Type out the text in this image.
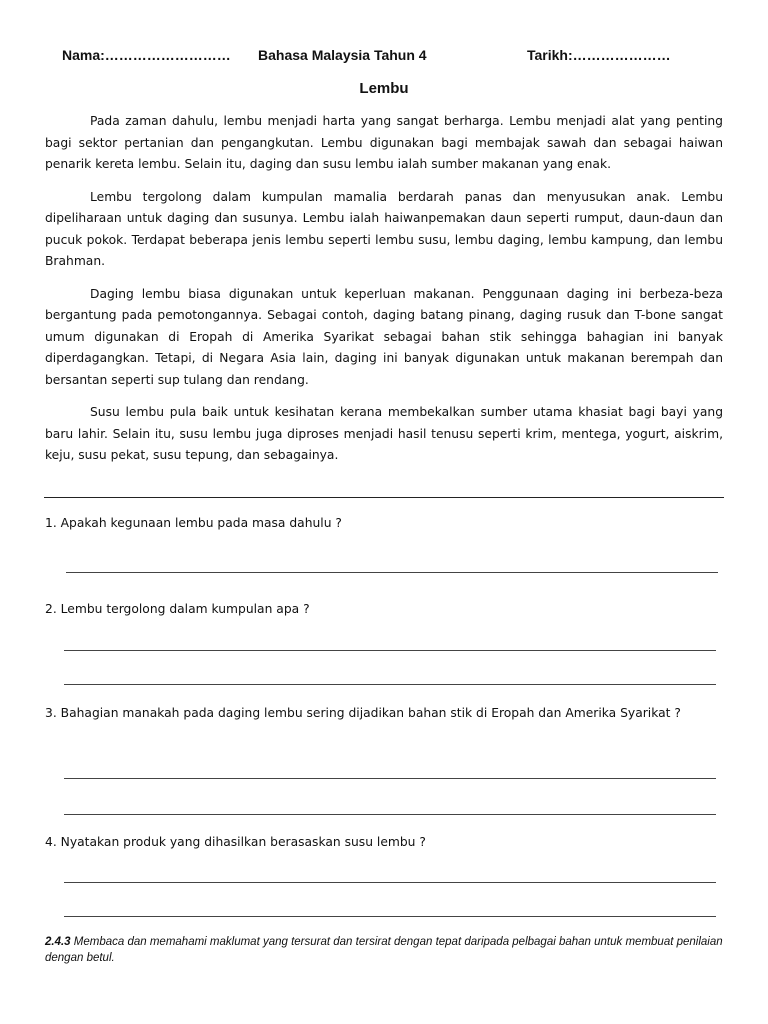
Nama:……………………… Bahasa Malaysia Tahun 4	Tarikh:…………………
Lembu

Pada zaman dahulu, lembu menjadi harta yang sangat berharga. Lembu menjadi alat yang penting bagi sektor pertanian dan pengangkutan. Lembu digunakan bagi membajak sawah dan sebagai haiwan penarik kereta lembu. Selain itu, daging dan susu lembu ialah sumber makanan yang enak.

Lembu tergolong dalam kumpulan mamalia berdarah panas dan menyusukan anak. Lembu dipeliharaan untuk daging dan susunya. Lembu ialah haiwanpemakan daun seperti rumput, daun-daun dan pucuk pokok. Terdapat beberapa jenis lembu seperti lembu susu, lembu daging, lembu kampung, dan lembu Brahman.

Daging lembu biasa digunakan untuk keperluan makanan. Penggunaan daging ini berbeza-beza bergantung pada pemotongannya. Sebagai contoh, daging batang pinang, daging rusuk dan T-bone sangat umum digunakan di Eropah di Amerika Syarikat sebagai bahan stik sehingga bahagian ini banyak diperdagangkan. Tetapi, di Negara Asia lain, daging ini banyak digunakan untuk makanan berempah dan bersantan seperti sup tulang dan rendang.

Susu lembu pula baik untuk kesihatan kerana membekalkan sumber utama khasiat bagi bayi yang baru lahir. Selain itu, susu lembu juga diproses menjadi hasil tenusu seperti krim, mentega, yogurt, aiskrim, keju, susu pekat, susu tepung, dan sebagainya.

1. Apakah kegunaan lembu pada masa dahulu ?
2. Lembu tergolong dalam kumpulan apa ?
3. Bahagian manakah pada daging lembu sering dijadikan bahan stik di Eropah dan Amerika Syarikat ?
4. Nyatakan produk yang dihasilkan berasaskan susu lembu ?
2.4.3 Membaca dan memahami maklumat yang tersurat dan tersirat dengan tepat daripada pelbagai bahan untuk membuat penilaian dengan betul.
